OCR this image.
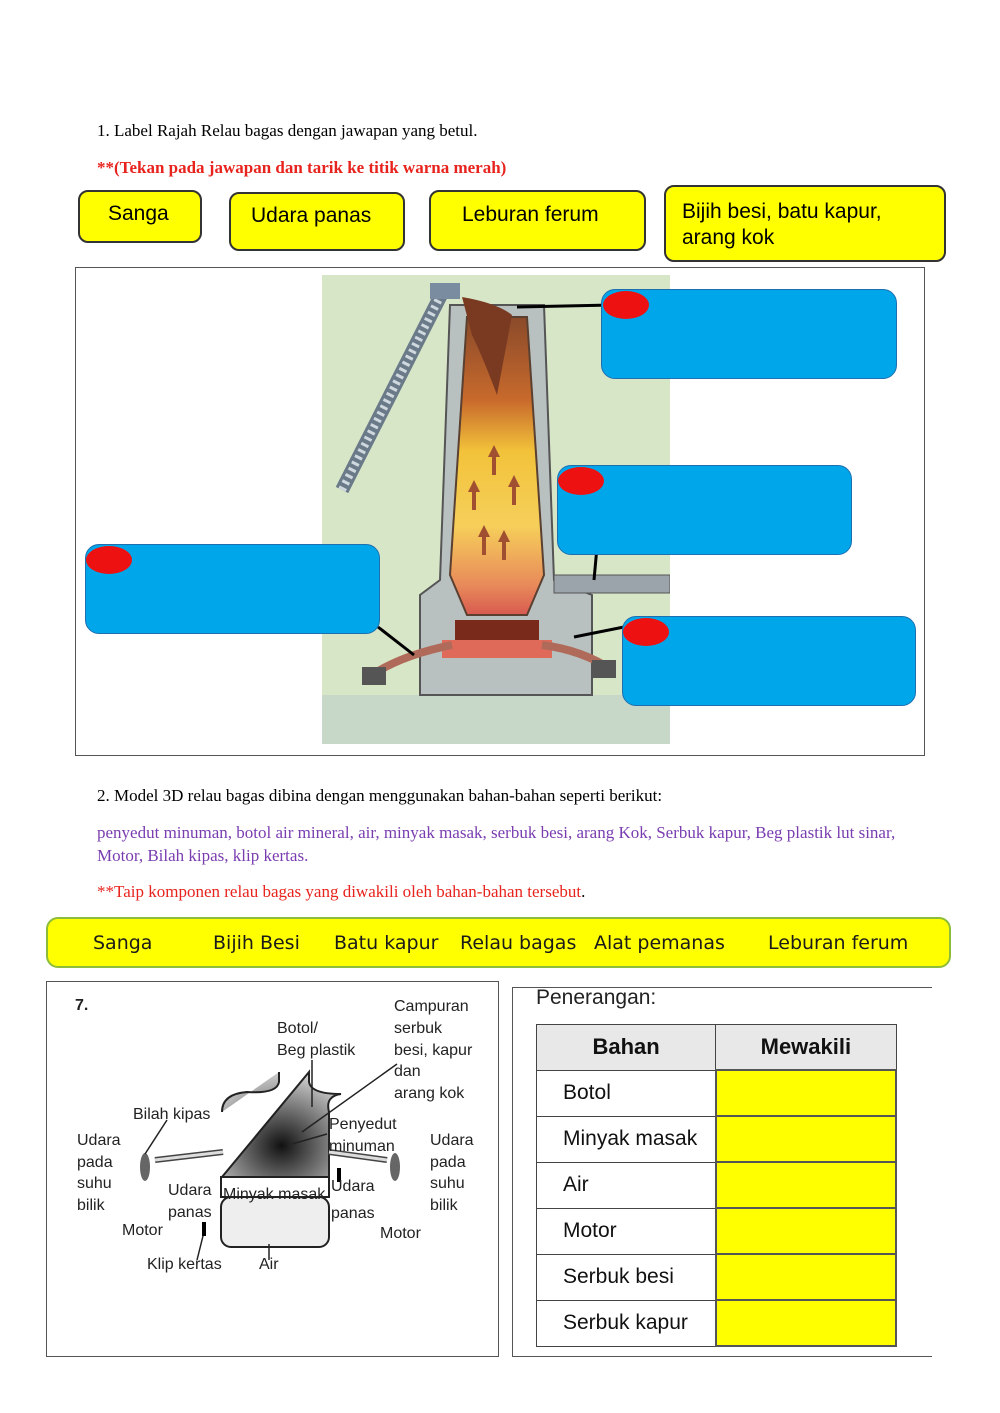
1. Label Rajah Relau bagas dengan jawapan yang betul.
**(Tekan pada jawapan dan tarik ke titik warna merah)
Sanga	Udara panas	Leburan ferum	Bijih besi, batu kapur, arang kok
2. Model 3D relau bagas dibina dengan menggunakan bahan-bahan seperti berikut:
penyedut minuman, botol air mineral, air, minyak masak, serbuk besi, arang Kok, Serbuk kapur, Beg plastik lut sinar, Motor, Bilah kipas, klip kertas.
**Taip komponen relau bagas yang diwakili oleh bahan-bahan tersebut.
Sanga	Bijih Besi Batu kapur Relau bagas Alat pemanas Leburan ferum
7.	Campuran serbuk besi, kapur dan arang kok
Botol/ Beg plastik
Bilah kipas
Penyedut minuman
Udara pada suhu bilik
Udara pada suhu bilik
Udara panas
Udara panas
Minyak masak
Motor	Motor
Klip kertas Air
Penerangan:
Bahan	Mewakili
Botol	
Minyak masak	
Air	
Motor	
Serbuk besi	
Serbuk kapur	
